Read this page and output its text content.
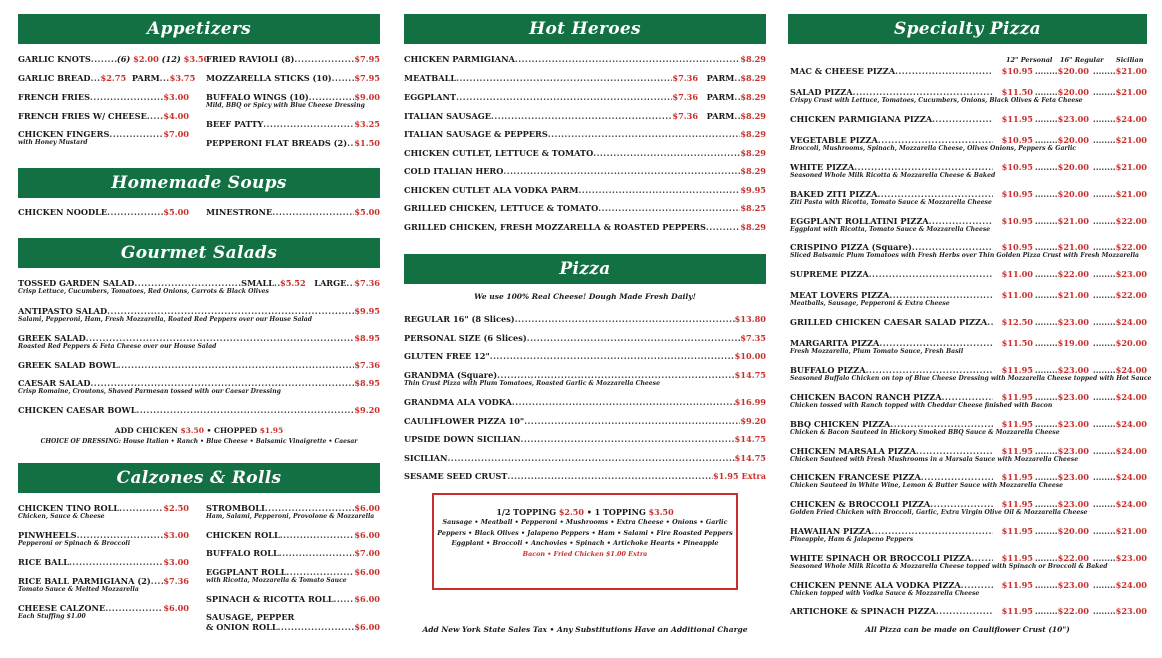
Appetizers
GARLIC KNOTS .....	(6)
$2.00
(12)
$3.50
GARLIC BREAD ..... $2.75
PARM ..... $3.75
FRENCH FRIES .....	$3.00
FRENCH FRIES W/ CHEESE ..... $4.00
CHICKEN FINGERS .....	$7.00
with Honey Mustard
FRIED RAVIOLI (8) .....	$7.95
MOZZARELLA STICKS (10) .....	$7.95
BUFFALO WINGS (10) .....	$9.00
Mild, BBQ or Spicy with Blue Cheese Dressing
BEEF PATTY .....	$3.25
PEPPERONI FLAT BREADS (2) ..... $1.50
Homemade Soups
CHICKEN NOODLE .....	$5.00 MINESTRONE .....	$5.00
Gourmet Salads
TOSSED GARDEN SALAD .....	SMALL ..... $5.52
LARGE ..... $7.36
Crisp Lettuce, Cucumbers, Tomatoes, Red Onions, Carrots & Black Olives
ANTIPASTO SALAD .....	$9.95
Salami, Pepperoni, Ham, Fresh Mozzarella, Roated Red Peppers over our House Salad
GREEK SALAD .....	$8.95
Roasted Red Peppers & Feta Cheese over our House Salad
GREEK SALAD BOWL .....	$7.36
CAESAR SALAD .....	$8.95
Crisp Romaine, Croutons, Shaved Parmesan tossed with our Caesar Dressing
CHICKEN CAESAR BOWL .....	$9.20
ADD CHICKEN $3.50 • CHOPPED $1.95
CHOICE OF DRESSING: House Italian • Ranch • Blue Cheese • Balsamic Vinaigrette • Caesar
Calzones & Rolls
CHICKEN TINO ROLL .....	$2.50
Chicken, Sauce & Cheese
PINWHEELS .....	$3.00
Pepperoni or Spinach & Broccoli
RICE BALL .....	$3.00
RICE BALL PARMIGIANA (2) ..... $7.36
Tomato Sauce & Melted Mozzarella
CHEESE CALZONE .....	$6.00
Each Stuffing $1.00
STROMBOLI .....	$6.00
Ham, Salami, Pepperoni, Provolone & Mozzarella
CHICKEN ROLL .....	$6.00
BUFFALO ROLL .....	$7.00
EGGPLANT ROLL .....	$6.00
with Ricotta, Mozzarella & Tomato Sauce
SPINACH & RICOTTA ROLL .....	$6.00
SAUSAGE, PEPPER
& ONION ROLL .....	$6.00
Hot Heroes
CHICKEN PARMIGIANA .....	$8.29
MEATBALL .....	$7.36
PARM ..... $8.29
EGGPLANT .....	$7.36
PARM ..... $8.29
ITALIAN SAUSAGE .....	$7.36
PARM ..... $8.29
ITALIAN SAUSAGE & PEPPERS .....	$8.29
CHICKEN CUTLET, LETTUCE & TOMATO .....	$8.29
COLD ITALIAN HERO .....	$8.29
CHICKEN CUTLET ALA VODKA PARM .....	$9.95
GRILLED CHICKEN, LETTUCE & TOMATO .....	$8.25
GRILLED CHICKEN, FRESH MOZZARELLA & ROASTED PEPPERS .....	$8.29
Pizza
We use 100% Real Cheese! Dough Made Fresh Daily!
REGULAR 16" (8 Slices) .....	$13.80
PERSONAL SIZE (6 Slices) .....	$7.35
GLUTEN FREE 12" .....	$10.00
GRANDMA (Square) .....	$14.75
Thin Crust Pizza with Plum Tomatoes, Roasted Garlic & Mozzarella Cheese
GRANDMA ALA VODKA .....	$16.99
CAULIFLOWER PIZZA 10" .....	$9.20
UPSIDE DOWN SICILIAN .....	$14.75
SICILIAN .....	$14.75
SESAME SEED CRUST .....	$1.95 Extra
1/2 TOPPING $2.50 • 1 TOPPING $3.50
Sausage • Meatball • Pepperoni • Mushrooms • Extra Cheese • Onions • Garlic
Peppers • Black Olives • Jalapeno Peppers • Ham • Salami • Fire Roasted Peppers
Eggplant • Broccoli • Anchovies • Spinach • Artichoke Hearts • Pineapple
Bacon • Fried Chicken $1.00 Extra
Add New York State Sales Tax • Any Substitutions Have an Additional Charge
Specialty Pizza
12" Personal 16" Regular Sicilian
MAC & CHEESE PIZZA .....	$10.95	........ $20.00	........ $21.00
SALAD PIZZA .....	$11.50	........ $20.00	........ $21.00
Crispy Crust with Lettuce, Tomatoes, Cucumbers, Onions, Black Olives & Feta Cheese
CHICKEN PARMIGIANA PIZZA .....	$11.95	........ $23.00	........ $24.00
VEGETABLE PIZZA .....	$10.95	........ $20.00	........ $21.00
Broccoli, Mushrooms, Spinach, Mozzarella Cheese, Olives Onions, Peppers & Garlic
WHITE PIZZA .....	$10.95	........ $20.00	........ $21.00
Seasoned Whole Milk Ricotta & Mozzarella Cheese & Baked
BAKED ZITI PIZZA .....	$10.95	........ $20.00	........ $21.00
Ziti Pasta with Ricotta, Tomato Sauce & Mozzarella Cheese
EGGPLANT ROLLATINI PIZZA .....	$10.95	........ $21.00	........ $22.00
Eggplant with Ricotta, Tomato Sauce & Mozzarella Cheese
CRISPINO PIZZA (Square) .....	$10.95	........ $21.00	........ $22.00
Sliced Balsamic Plum Tomatoes with Fresh Herbs over Thin Golden Pizza Crust with Fresh Mozzarella
SUPREME PIZZA .....	$11.00	........ $22.00	........ $23.00
MEAT LOVERS PIZZA .....	$11.00	........ $21.00	........ $22.00
Meatballs, Sausage, Pepperoni & Extra Cheese
GRILLED CHICKEN CAESAR SALAD PIZZA .....	$12.50	........ $23.00	........ $24.00
MARGARITA PIZZA .....	$11.50	........ $19.00	........ $20.00
Fresh Mozzarella, Plum Tomato Sauce, Fresh Basil
BUFFALO PIZZA .....	$11.95	........ $23.00	........ $24.00
Seasoned Buffalo Chicken on top of Blue Cheese Dressing with Mozzarella Cheese topped with Hot Sauce
CHICKEN BACON RANCH PIZZA .....	$11.95	........ $23.00	........ $24.00
Chicken tossed with Ranch topped with Cheddar Cheese finished with Bacon
BBQ CHICKEN PIZZA .....	$11.95	........ $23.00	........ $24.00
Chicken & Bacon Sauteed in Hickory Smoked BBQ Sauce & Mozzarella Cheese
CHICKEN MARSALA PIZZA .....	$11.95	........ $23.00	........ $24.00
Chicken Sauteed with Fresh Mushrooms in a Marsala Sauce with Mozzarella Cheese
CHICKEN FRANCESE PIZZA .....	$11.95	........ $23.00	........ $24.00
Chicken Sauteed in White Wine, Lemon & Butter Sauce with Mozzarella Cheese
CHICKEN & BROCCOLI PIZZA .....	$11.95	........ $23.00	........ $24.00
Golden Fried Chicken with Broccoli, Garlic, Extra Virgin Olive Oil & Mozzarella Cheese
HAWAIIAN PIZZA .....	$11.95	........ $20.00	........ $21.00
Pineapple, Ham & Jalapeno Peppers
WHITE SPINACH OR BROCCOLI PIZZA .....	$11.95	........ $22.00	........ $23.00
Seasoned Whole Milk Ricotta & Mozzarella Cheese topped with Spinach or Broccoli & Baked
CHICKEN PENNE ALA VODKA PIZZA .....	$11.95	........ $23.00	........ $24.00
Chicken topped with Vodka Sauce & Mozzarella Cheese
ARTICHOKE & SPINACH PIZZA .....	$11.95	........ $22.00	........ $23.00
All Pizza can be made on Cauliflower Crust (10")
